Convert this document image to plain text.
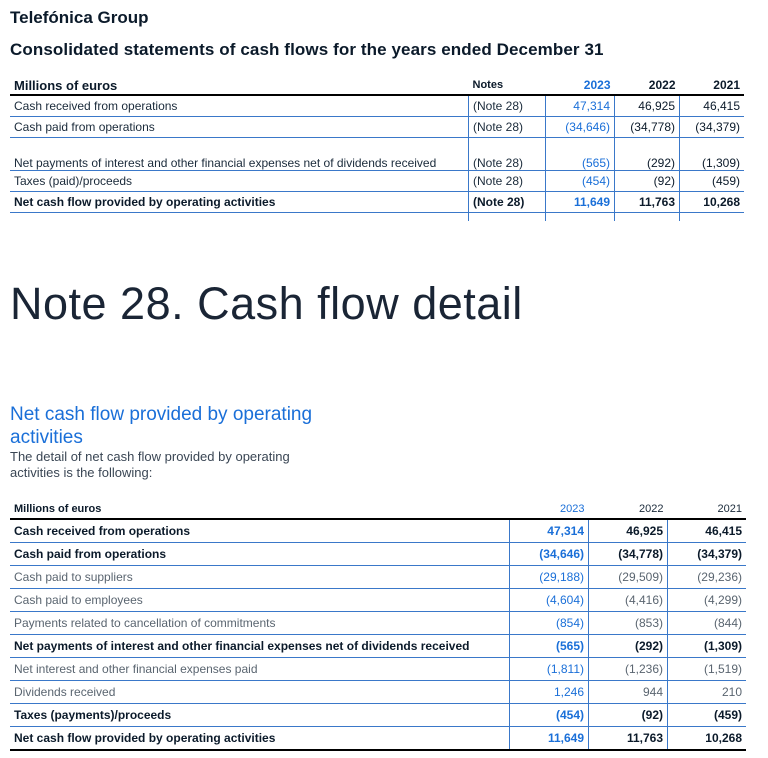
Telefónica Group
Consolidated statements of cash flows for the years ended December 31
Millions of euros	Notes	2023	2022	2021
Cash received from operations	(Note 28)	47,314	46,925	46,415
Cash paid from operations	(Note 28)	(34,646)	(34,778)	(34,379)
Net payments of interest and other financial expenses net of dividends received	(Note 28)	(565)	(292)	(1,309)
Taxes (paid)/proceeds	(Note 28)	(454)	(92)	(459)
Net cash flow provided by operating activities	(Note 28)	11,649	11,763	10,268

Note 28. Cash flow detail
Net cash flow provided by operating activities

The detail of net cash flow provided by operating activities is the following:

Millions of euros	2023	2022	2021
Cash received from operations	47,314	46,925	46,415
Cash paid from operations	(34,646)	(34,778)	(34,379)
Cash paid to suppliers	(29,188)	(29,509)	(29,236)
Cash paid to employees	(4,604)	(4,416)	(4,299)
Payments related to cancellation of commitments	(854)	(853)	(844)
Net payments of interest and other financial expenses net of dividends received	(565)	(292)	(1,309)
Net interest and other financial expenses paid	(1,811)	(1,236)	(1,519)
Dividends received	1,246	944	210
Taxes (payments)/proceeds	(454)	(92)	(459)
Net cash flow provided by operating activities	11,649	11,763	10,268
